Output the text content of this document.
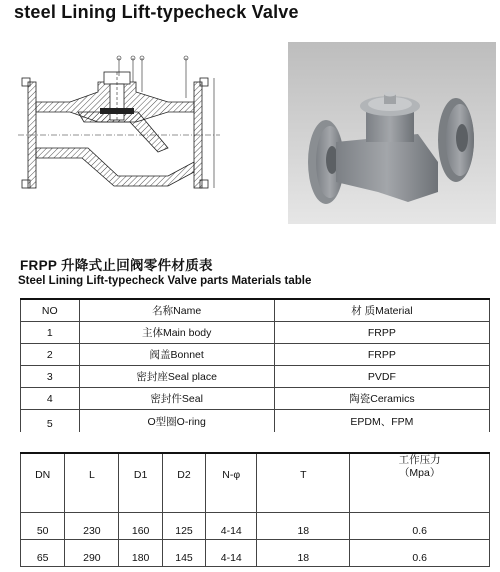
steel Lining Lift-typecheck Valve
FRPP 升降式止回阀零件材质表
Steel Lining Lift-typecheck Valve parts Materials table
NO	名称Name	材 质Material
1	主体Main body	FRPP
2	阀盖Bonnet	FRPP
3	密封座Seal place	PVDF
4	密封件Seal	陶瓷Ceramics
5	O型圈O-ring	EPDM、FPM
DN	L	D1	D2	N-φ	T	工作压力
（Mpa）
50	230	160	125	4-14	18	0.6
65	290	180	145	4-14	18	0.6
